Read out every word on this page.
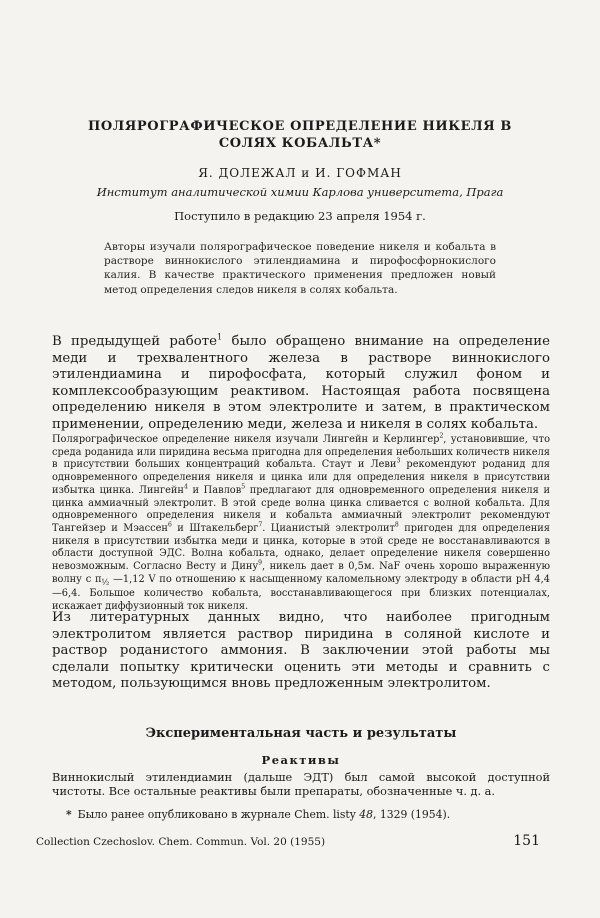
ПОЛЯРОГРАФИЧЕСКОЕ ОПРЕДЕЛЕНИЕ НИКЕЛЯ В СОЛЯХ КОБАЛЬТА*

Я. ДОЛЕЖАЛ и И. ГОФМАН

Институт аналитической химии Карлова университета, Прага

Поступило в редакцию 23 апреля 1954 г.

Авторы изучали полярографическое поведение никеля и кобальта в растворе виннокислого этилендиамина и пирофосфорнокислого калия. В качестве практического применения предложен новый метод определения следов никеля в солях кобальта.

В предыдущей работе$^1$ было обращено внимание на определение меди и трехвалентного железа в растворе виннокислого этилендиамина и пирофосфата, который служил фоном и комплексообразующим реактивом. Настоящая работа посвящена определению никеля в этом электролите и затем, в практическом применении, определению меди, железа и никеля в солях кобальта.

Полярографическое определение никеля изучали Лингейн и Керлингер$^2$, установившие, что среда роданида или пиридина весьма пригодна для определения небольших количеств никеля в присутствии больших концентраций кобальта. Стаут и Леви$^3$ рекомендуют роданид для одновременного определения никеля и цинка или для определения никеля в присутствии избытка цинка. Лингейн$^4$ и Павлов$^5$ предлагают для одновременного определения никеля и цинка аммиачный электролит. В этой среде волна цинка сливается с волной кобальта. Для одновременного определения никеля и кобальта аммиачный электролит рекомендуют Тангейзер и Мэассен$^6$ и Штакельберг$^7$. Цианистый электролит$^8$ пригоден для определения никеля в присутствии избытка меди и цинка, которые в этой среде не восстанавливаются в области доступной ЭДС. Волна кобальта, однако, делает определение никеля совершенно невозможным. Согласно Весту и Дину$^9$, никель дает в 0,5м. NaF очень хорошо выраженную волну с $\pi_{\frac{1}{2}}$ —1,12 V по отношению к насыщенному каломельному электроду в области pH 4,4—6,4. Большое количество кобальта, восстанавливающегося при близких потенциалах, искажает диффузионный ток никеля.

Из литературных данных видно, что наиболее пригодным электролитом является раствор пиридина в соляной кислоте и раствор роданистого аммония. В заключении этой работы мы сделали попытку критически оценить эти методы и сравнить с методом, пользующимся вновь предложенным электролитом.

Экспериментальная часть и результаты
Реактивы

Виннокислый этилендиамин (дальше ЭДТ) был самой высокой доступной чистоты. Все остальные реактивы были препараты, обозначенные ч. д. а.

* Было ранее опубликовано в журнале Chem. listy 48, 1329 (1954).

Collection Czechoslov. Chem. Commun. Vol. 20 (1955)	151
